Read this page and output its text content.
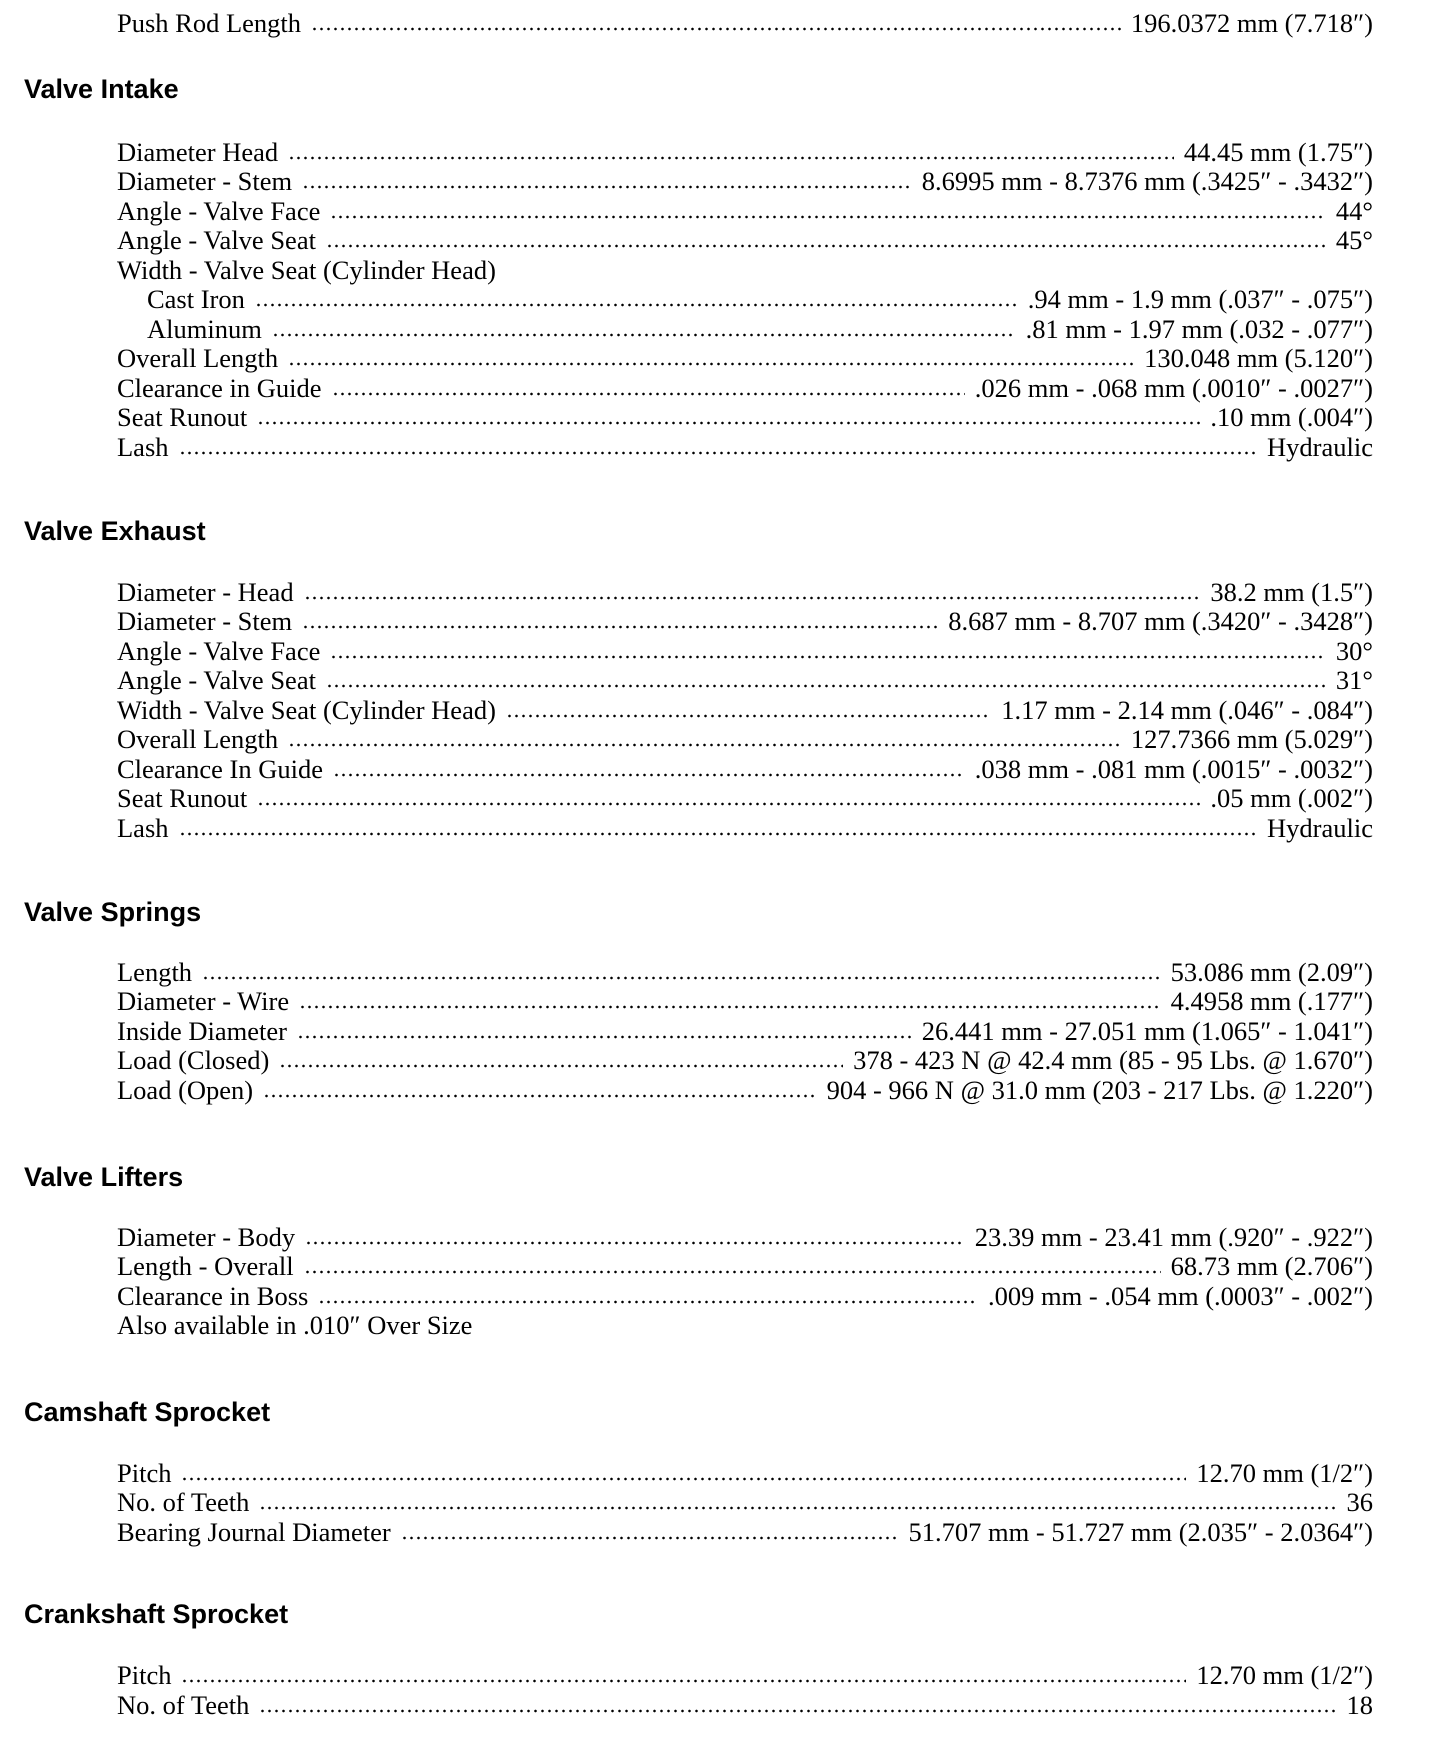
Push Rod Length	196.0372 mm (7.718″)
Valve Intake
Diameter Head	44.45 mm (1.75″)
Diameter - Stem	8.6995 mm - 8.7376 mm (.3425″ - .3432″)
Angle - Valve Face	44°
Angle - Valve Seat	45°
Width - Valve Seat (Cylinder Head)
Cast Iron	.94 mm - 1.9 mm (.037″ - .075″)
Aluminum	.81 mm - 1.97 mm (.032 - .077″)
Overall Length	130.048 mm (5.120″)
Clearance in Guide	.026 mm - .068 mm (.0010″ - .0027″)
Seat Runout	.10 mm (.004″)
Lash	Hydraulic
Valve Exhaust
Diameter - Head	38.2 mm (1.5″)
Diameter - Stem	8.687 mm - 8.707 mm (.3420″ - .3428″)
Angle - Valve Face	30°
Angle - Valve Seat	31°
Width - Valve Seat (Cylinder Head)	1.17 mm - 2.14 mm (.046″ - .084″)
Overall Length	127.7366 mm (5.029″)
Clearance In Guide	.038 mm - .081 mm (.0015″ - .0032″)
Seat Runout	.05 mm (.002″)
Lash	Hydraulic
Valve Springs
Length	53.086 mm (2.09″)
Diameter - Wire	4.4958 mm (.177″)
Inside Diameter	26.441 mm - 27.051 mm (1.065″ - 1.041″)
Load (Closed)	378 - 423 N @ 42.4 mm (85 - 95 Lbs. @ 1.670″)
Load (Open)	904 - 966 N @ 31.0 mm (203 - 217 Lbs. @ 1.220″)
Valve Lifters
Diameter - Body	23.39 mm - 23.41 mm (.920″ - .922″)
Length - Overall	68.73 mm (2.706″)
Clearance in Boss	.009 mm - .054 mm (.0003″ - .002″)
Also available in .010″ Over Size
Camshaft Sprocket
Pitch	12.70 mm (1/2″)
No. of Teeth	36
Bearing Journal Diameter	51.707 mm - 51.727 mm (2.035″ - 2.0364″)
Crankshaft Sprocket
Pitch	12.70 mm (1/2″)
No. of Teeth	18
